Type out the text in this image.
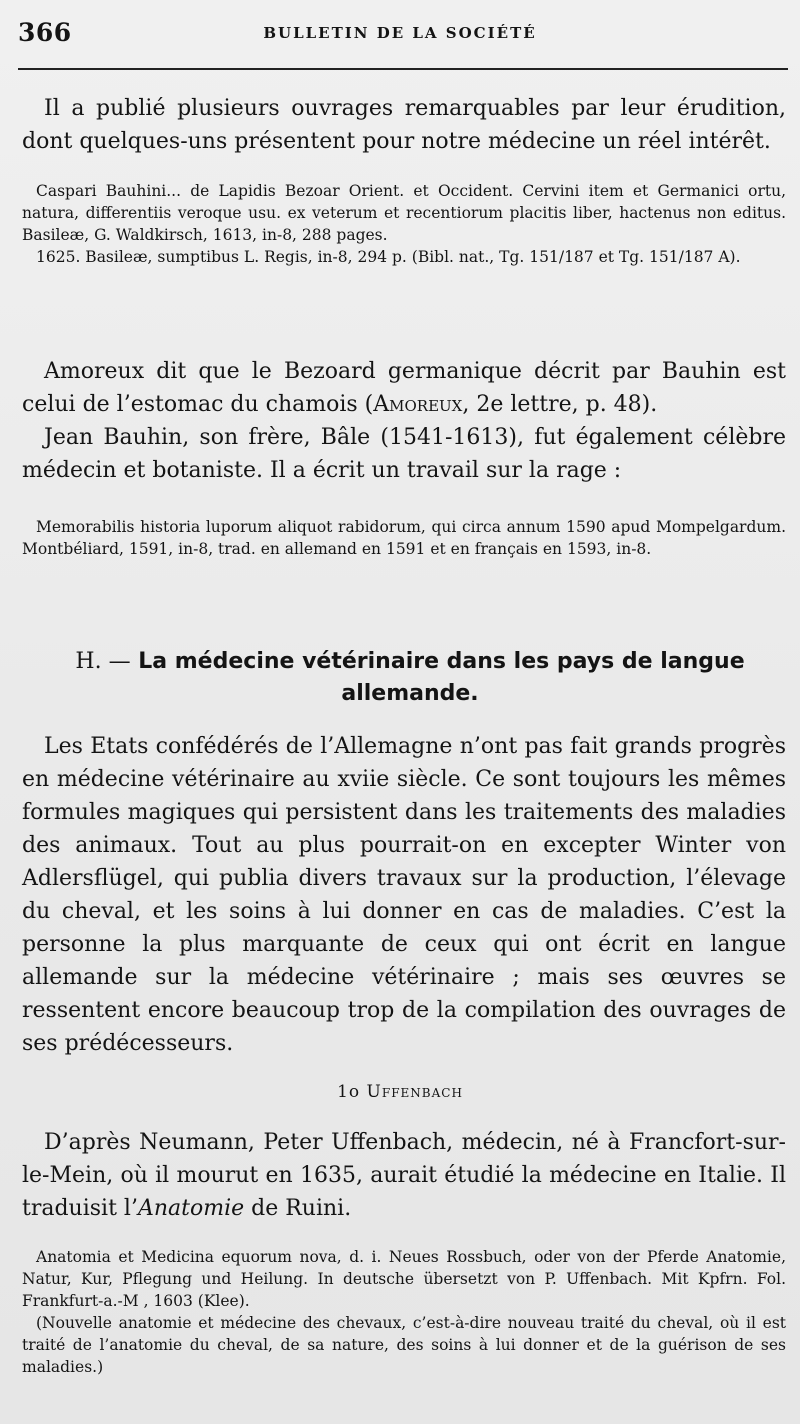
366	BULLETIN DE LA SOCIÉTÉ

Il a publié plusieurs ouvrages remarquables par leur érudition, dont quelques-uns présentent pour notre médecine un réel intérêt.

Caspari Bauhini... de Lapidis Bezoar Orient. et Occident. Cervini item et Germanici ortu, natura, differentiis veroque usu. ex veterum et recentiorum placitis liber, hactenus non editus. Basileæ, G. Waldkirsch, 1613, in-8, 288 pages.

1625. Basileæ, sumptibus L. Regis, in-8, 294 p. (Bibl. nat., Tg. 151/187 et Tg. 151/187 A).

Amoreux dit que le Bezoard germanique décrit par Bauhin est celui de l’estomac du chamois (Amoreux, 2e lettre, p. 48).

Jean Bauhin, son frère, Bâle (1541-1613), fut également célèbre médecin et botaniste. Il a écrit un travail sur la rage :

Memorabilis historia luporum aliquot rabidorum, qui circa annum 1590 apud Mompelgardum. Montbéliard, 1591, in-8, trad. en allemand en 1591 et en français en 1593, in-8.

H. — La médecine vétérinaire dans les pays de langue allemande.

Les Etats confédérés de l’Allemagne n’ont pas fait grands progrès en médecine vétérinaire au xviie siècle. Ce sont toujours les mêmes formules magiques qui persistent dans les traitements des maladies des animaux. Tout au plus pourrait-on en excepter Winter von Adlersflügel, qui publia divers travaux sur la production, l’élevage du cheval, et les soins à lui donner en cas de maladies. C’est la personne la plus marquante de ceux qui ont écrit en langue allemande sur la médecine vétérinaire ; mais ses œuvres se ressentent encore beaucoup trop de la compilation des ouvrages de ses prédécesseurs.

1o Uffenbach

D’après Neumann, Peter Uffenbach, médecin, né à Francfort-sur-le-Mein, où il mourut en 1635, aurait étudié la médecine en Italie. Il traduisit l’Anatomie de Ruini.

Anatomia et Medicina equorum nova, d. i. Neues Rossbuch, oder von der Pferde Anatomie, Natur, Kur, Pflegung und Heilung. In deutsche übersetzt von P. Uffenbach. Mit Kpfrn. Fol. Frankfurt-a.-M , 1603 (Klee).

(Nouvelle anatomie et médecine des chevaux, c’est-à-dire nouveau traité du cheval, où il est traité de l’anatomie du cheval, de sa nature, des soins à lui donner et de la guérison de ses maladies.)
